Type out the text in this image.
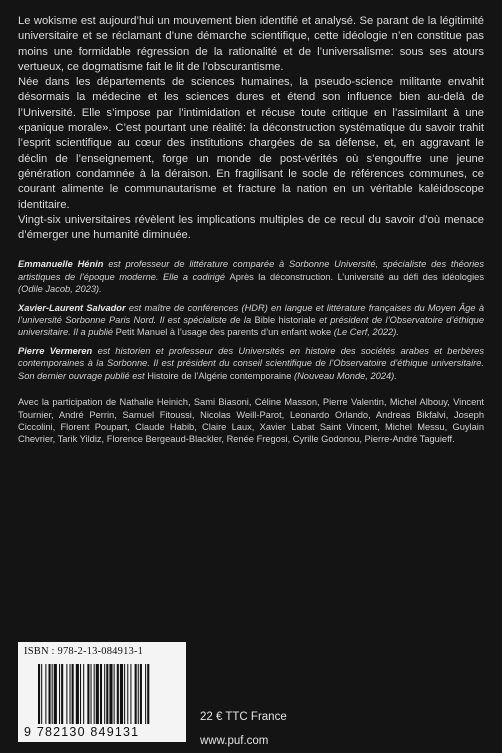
Le wokisme est aujourd’hui un mouvement bien identifié et analysé. Se parant de la légitimité universitaire et se réclamant d’une démarche scientifique, cette idéologie n’en constitue pas moins une formidable régression de la rationalité et de l’universalisme: sous ses atours vertueux, ce dogmatisme fait le lit de l’obscurantisme.

Née dans les départements de sciences humaines, la pseudo-science militante envahit désormais la médecine et les sciences dures et étend son influence bien au-delà de l’Université. Elle s’impose par l’intimidation et récuse toute critique en l’assimilant à une «panique morale». C’est pourtant une réalité: la déconstruction systématique du savoir trahit l’esprit scientifique au cœur des institutions chargées de sa défense, et, en aggravant le déclin de l’enseignement, forge un monde de post-vérités où s’engouffre une jeune génération condamnée à la déraison. En fragilisant le socle de références communes, ce courant alimente le communautarisme et fracture la nation en un véritable kaléidoscope identitaire.

Vingt-six universitaires révèlent les implications multiples de ce recul du savoir d’où menace d’émerger une humanité diminuée.

Emmanuelle Hénin est professeur de littérature comparée à Sorbonne Université, spécialiste des théories artistiques de l’époque moderne. Elle a codirigé Après la déconstruction. L’université au défi des idéologies (Odile Jacob, 2023).

Xavier-Laurent Salvador est maître de conférences (HDR) en langue et littérature françaises du Moyen Âge à l’université Sorbonne Paris Nord. Il est spécialiste de la Bible historiale et président de l’Observatoire d’éthique universitaire. Il a publié Petit Manuel à l’usage des parents d’un enfant woke (Le Cerf, 2022).

Pierre Vermeren est historien et professeur des Universités en histoire des sociétés arabes et berbères contemporaines à la Sorbonne. Il est président du conseil scientifique de l’Observatoire d’éthique universitaire. Son dernier ouvrage publié est Histoire de l’Algérie contemporaine (Nouveau Monde, 2024).

Avec la participation de Nathalie Heinich, Sami Biasoni, Céline Masson, Pierre Valentin, Michel Albouy, Vincent Tournier, André Perrin, Samuel Fitoussi, Nicolas Weill-Parot, Leonardo Orlando, Andreas Bikfalvi, Joseph Ciccolini, Florent Poupart, Claude Habib, Claire Laux, Xavier Labat Saint Vincent, Michel Messu, Guylain Chevrier, Tarik Yildiz, Florence Bergeaud-Blackler, Renée Fregosi, Cyrille Godonou, Pierre-André Taguieff.

ISBN : 978-2-13-084913-1
9 782130 849131
22 € TTC France
www.puf.com
